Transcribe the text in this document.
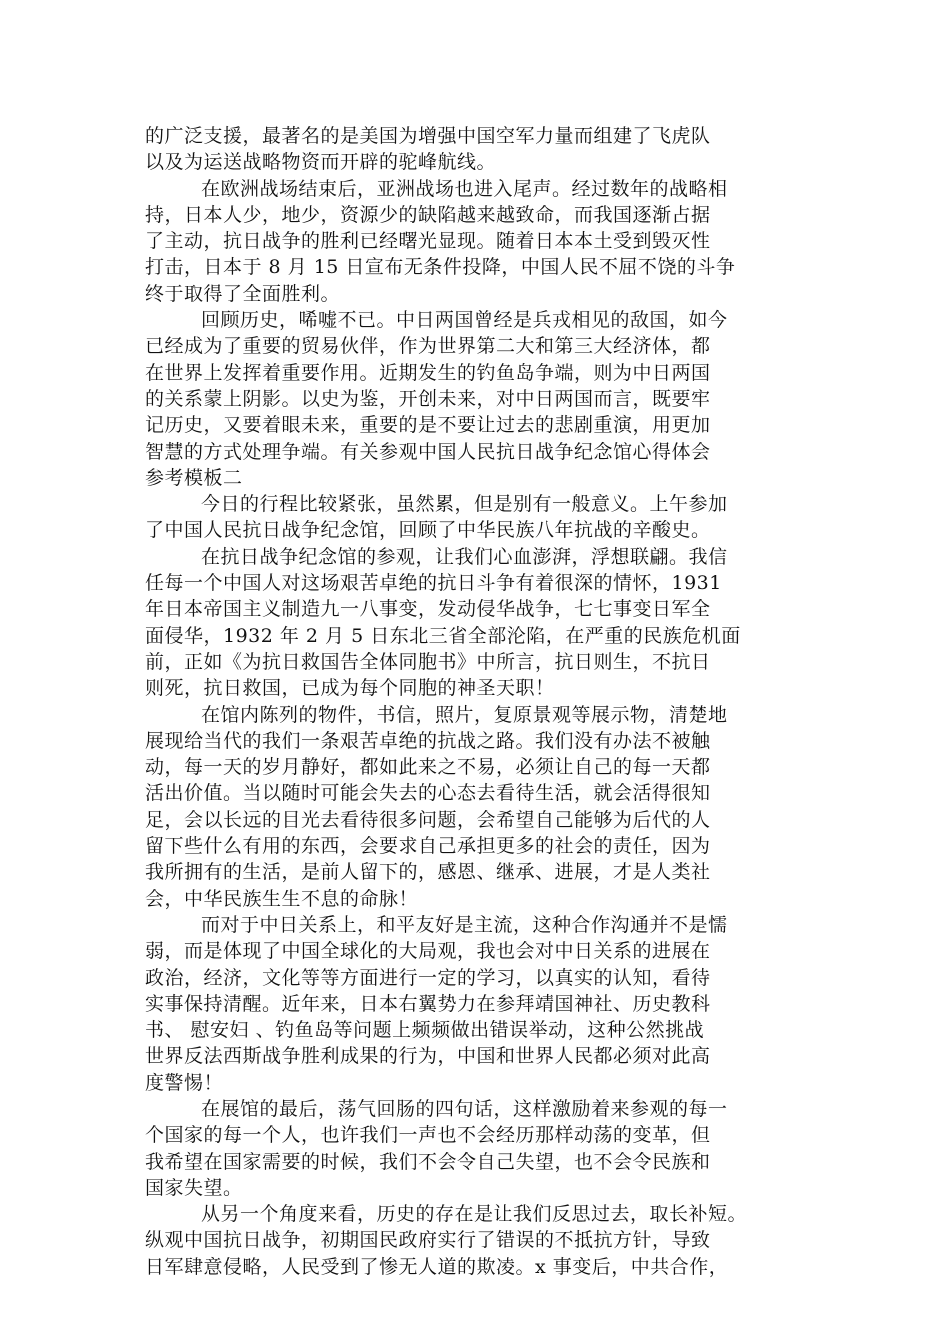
的广泛支援，最著名的是美国为增强中国空军力量而组建了飞虎队
以及为运送战略物资而开辟的驼峰航线。
在欧洲战场结束后，亚洲战场也进入尾声。经过数年的战略相
持，日本人少，地少，资源少的缺陷越来越致命，而我国逐渐占据
了主动，抗日战争的胜利已经曙光显现。随着日本本土受到毁灭性
打击，日本于 8 月 15 日宣布无条件投降，中国人民不屈不饶的斗争
终于取得了全面胜利。
回顾历史，唏嘘不已。中日两国曾经是兵戎相见的敌国，如今
已经成为了重要的贸易伙伴，作为世界第二大和第三大经济体，都
在世界上发挥着重要作用。近期发生的钓鱼岛争端，则为中日两国
的关系蒙上阴影。以史为鉴，开创未来，对中日两国而言，既要牢
记历史，又要着眼未来，重要的是不要让过去的悲剧重演，用更加
智慧的方式处理争端。有关参观中国人民抗日战争纪念馆心得体会
参考模板二
今日的行程比较紧张，虽然累，但是别有一般意义。上午参加
了中国人民抗日战争纪念馆，回顾了中华民族八年抗战的辛酸史。
在抗日战争纪念馆的参观，让我们心血澎湃，浮想联翩。我信
任每一个中国人对这场艰苦卓绝的抗日斗争有着很深的情怀，1931
年日本帝国主义制造九一八事变，发动侵华战争，七七事变日军全
面侵华，1932 年 2 月 5 日东北三省全部沦陷，在严重的民族危机面
前，正如《为抗日救国告全体同胞书》中所言，抗日则生，不抗日
则死，抗日救国，已成为每个同胞的神圣天职！
在馆内陈列的物件，书信，照片，复原景观等展示物，清楚地
展现给当代的我们一条艰苦卓绝的抗战之路。我们没有办法不被触
动，每一天的岁月静好，都如此来之不易，必须让自己的每一天都
活出价值。当以随时可能会失去的心态去看待生活，就会活得很知
足，会以长远的目光去看待很多问题，会希望自己能够为后代的人
留下些什么有用的东西，会要求自己承担更多的社会的责任，因为
我所拥有的生活，是前人留下的，感恩、继承、进展，才是人类社
会，中华民族生生不息的命脉！
而对于中日关系上，和平友好是主流，这种合作沟通并不是懦
弱，而是体现了中国全球化的大局观，我也会对中日关系的进展在
政治，经济，文化等等方面进行一定的学习，以真实的认知，看待
实事保持清醒。近年来，日本右翼势力在参拜靖国神社、历史教科
书、 慰安妇 、钓鱼岛等问题上频频做出错误举动，这种公然挑战
世界反法西斯战争胜利成果的行为，中国和世界人民都必须对此高
度警惕！
在展馆的最后，荡气回肠的四句话，这样激励着来参观的每一
个国家的每一个人，也许我们一声也不会经历那样动荡的变革，但
我希望在国家需要的时候，我们不会令自己失望，也不会令民族和
国家失望。
从另一个角度来看，历史的存在是让我们反思过去，取长补短。
纵观中国抗日战争，初期国民政府实行了错误的不抵抗方针，导致
日军肆意侵略，人民受到了惨无人道的欺凌。x 事变后，中共合作，
